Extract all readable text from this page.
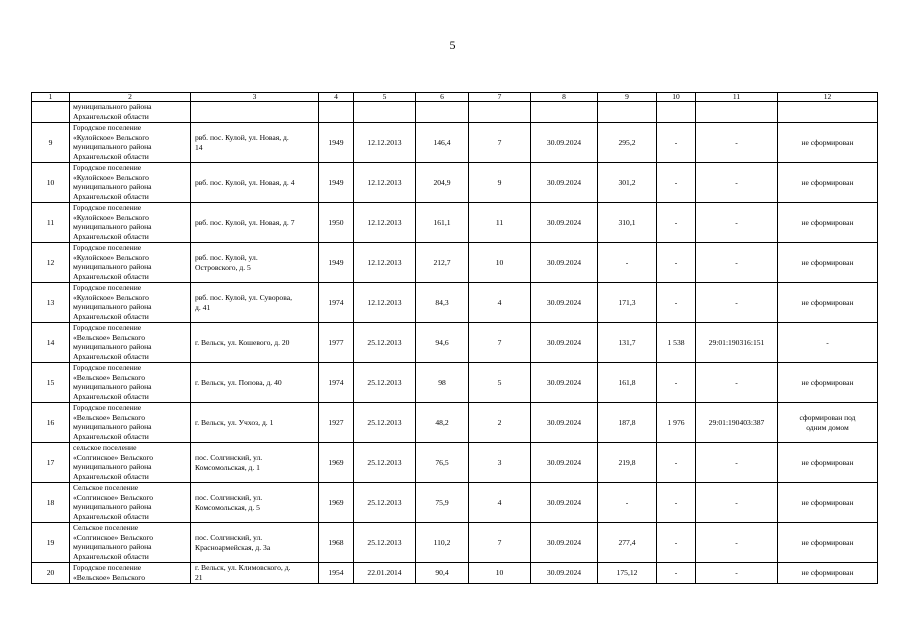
5
1	2	3	4	5	6	7	8	9	10	11	12
	муниципального района
Архангельской области										
9	Городское поселение
«Кулойское» Вельского
муниципального района
Архангельской области	рвб. пос. Кулой, ул. Новая, д.
14	1949	12.12.2013	146,4	7	30.09.2024	295,2	-	-	не сформирован
10	Городское поселение
«Кулойское» Вельского
муниципального района
Архангельской области	рвб. пос. Кулой, ул. Новая, д. 4	1949	12.12.2013	204,9	9	30.09.2024	301,2	-	-	не сформирован
11	Городское поселение
«Кулойское» Вельского
муниципального района
Архангельской области	рвб. пос. Кулой, ул. Новая, д. 7	1950	12.12.2013	161,1	11	30.09.2024	310,1	-	-	не сформирован
12	Городское поселение
«Кулойское» Вельского
муниципального района
Архангельской области	рвб. пос. Кулой, ул.
Островского, д. 5	1949	12.12.2013	212,7	10	30.09.2024	-	-	-	не сформирован
13	Городское поселение
«Кулойское» Вельского
муниципального района
Архангельской области	рвб. пос. Кулой, ул. Суворова,
д. 41	1974	12.12.2013	84,3	4	30.09.2024	171,3	-	-	не сформирован
14	Городское поселение
«Вельское» Вельского
муниципального района
Архангельской области	г. Вельск, ул. Кошевого, д. 20	1977	25.12.2013	94,6	7	30.09.2024	131,7	1 538	29:01:190316:151	-
15	Городское поселение
«Вельское» Вельского
муниципального района
Архангельской области	г. Вельск, ул. Попова, д. 40	1974	25.12.2013	98	5	30.09.2024	161,8	-	-	не сформирован
16	Городское поселение
«Вельское» Вельского
муниципального района
Архангельской области	г. Вельск, ул. Учхоз, д. 1	1927	25.12.2013	48,2	2	30.09.2024	187,8	1 976	29:01:190403:387	сформирован под
одним домом
17	сельское поселение
«Солгинское» Вельского
муниципального района
Архангельской области	пос. Солгинский, ул.
Комсомольская, д. 1	1969	25.12.2013	76,5	3	30.09.2024	219,8	-	-	не сформирован
18	Сельское поселение
«Солгинское» Вельского
муниципального района
Архангельской области	пос. Солгинский, ул.
Комсомольская, д. 5	1969	25.12.2013	75,9	4	30.09.2024	-	-	-	не сформирован
19	Сельское поселение
«Солгинское» Вельского
муниципального района
Архангельской области	пос. Солгинский, ул.
Красноармейская, д. 3а	1968	25.12.2013	110,2	7	30.09.2024	277,4	-	-	не сформирован
20	Городское поселение
«Вельское» Вельского	г. Вельск, ул. Климовского, д.
21	1954	22.01.2014	90,4	10	30.09.2024	175,12	-	-	не сформирован
